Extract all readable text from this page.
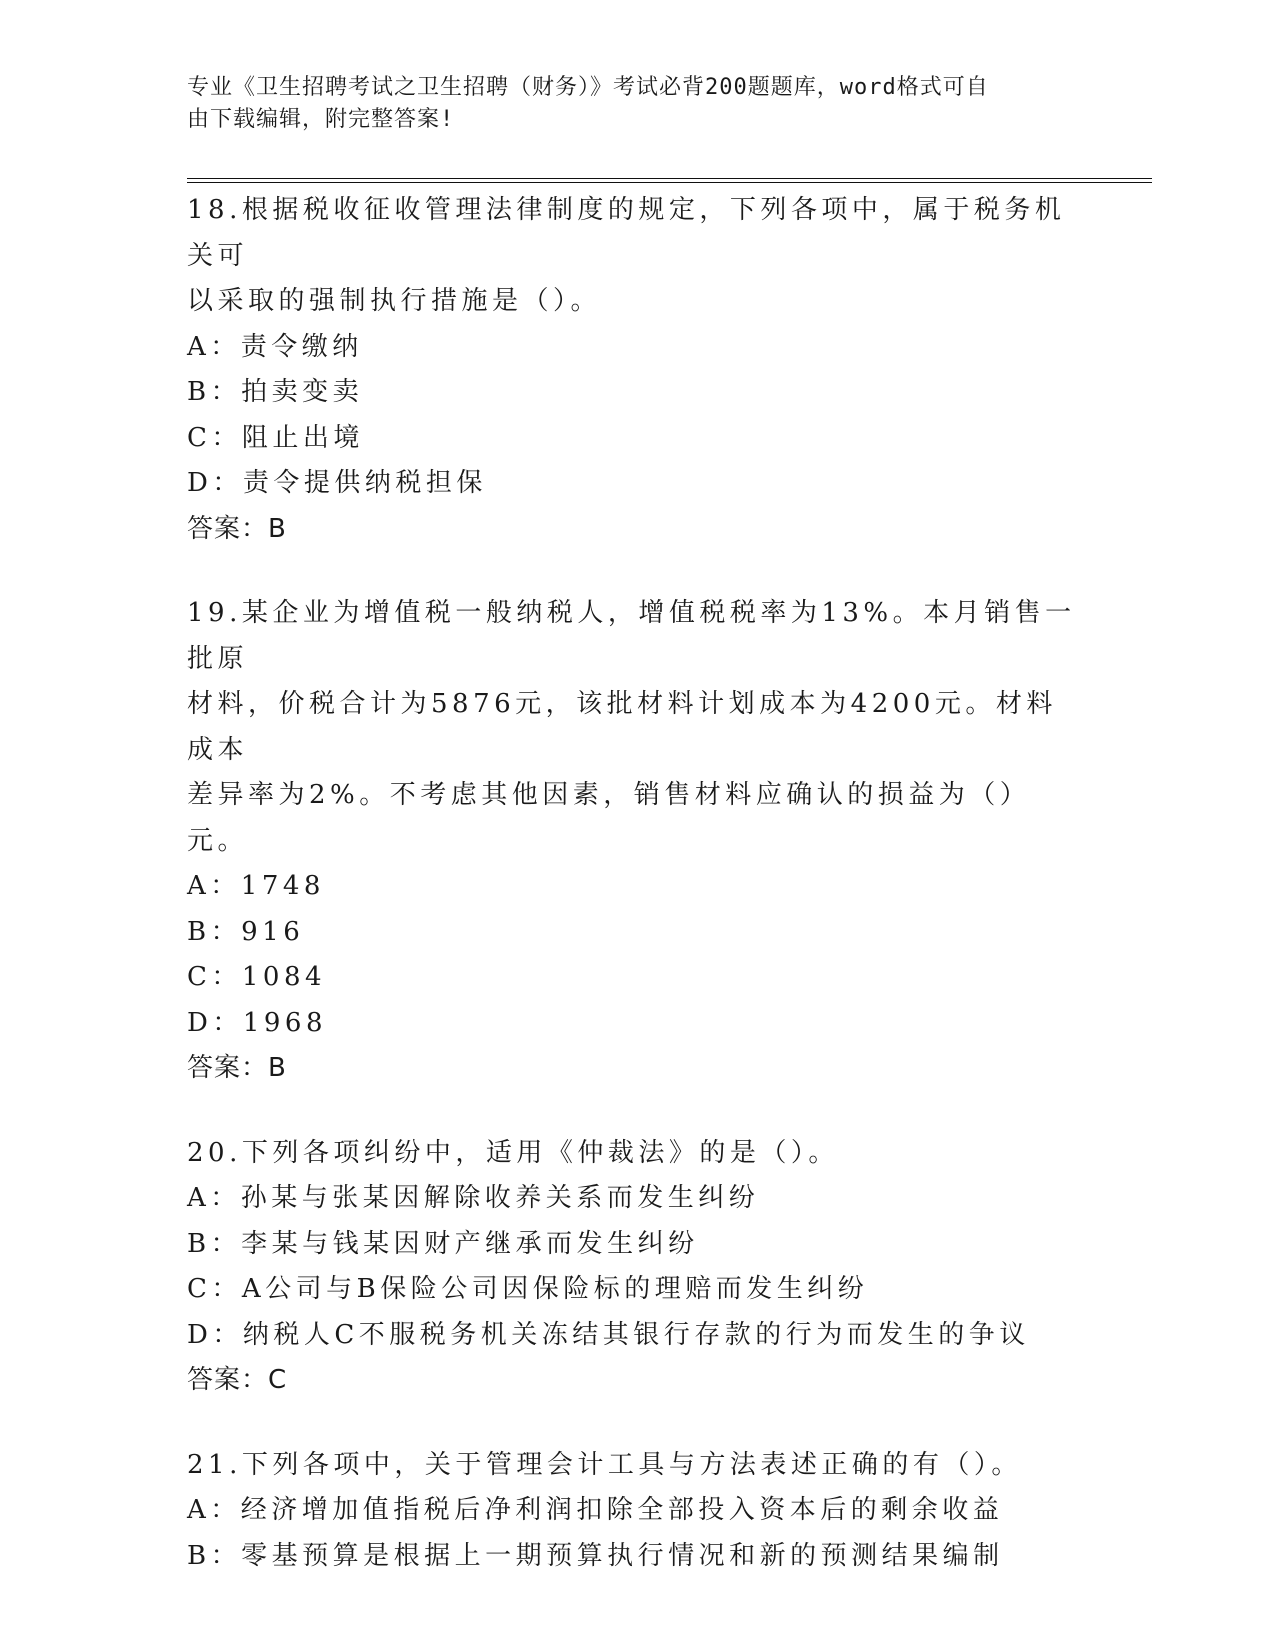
专业《卫生招聘考试之卫生招聘（财务）》考试必背200题题库，word格式可自
由下载编辑，附完整答案!
18.根据税收征收管理法律制度的规定，下列各项中，属于税务机关可
以采取的强制执行措施是（）。
A：责令缴纳
B：拍卖变卖
C：阻止出境
D：责令提供纳税担保
答案：B
19.某企业为增值税一般纳税人，增值税税率为13%。本月销售一批原
材料，价税合计为5876元，该批材料计划成本为4200元。材料成本
差异率为2%。不考虑其他因素，销售材料应确认的损益为（）元。
A：1748
B：916
C：1084
D：1968
答案：B
20.下列各项纠纷中，适用《仲裁法》的是（）。
A：孙某与张某因解除收养关系而发生纠纷
B：李某与钱某因财产继承而发生纠纷
C：A公司与B保险公司因保险标的理赔而发生纠纷
D：纳税人C不服税务机关冻结其银行存款的行为而发生的争议
答案：C
21.下列各项中，关于管理会计工具与方法表述正确的有（）。
A：经济增加值指税后净利润扣除全部投入资本后的剩余收益
B：零基预算是根据上一期预算执行情况和新的预测结果编制
